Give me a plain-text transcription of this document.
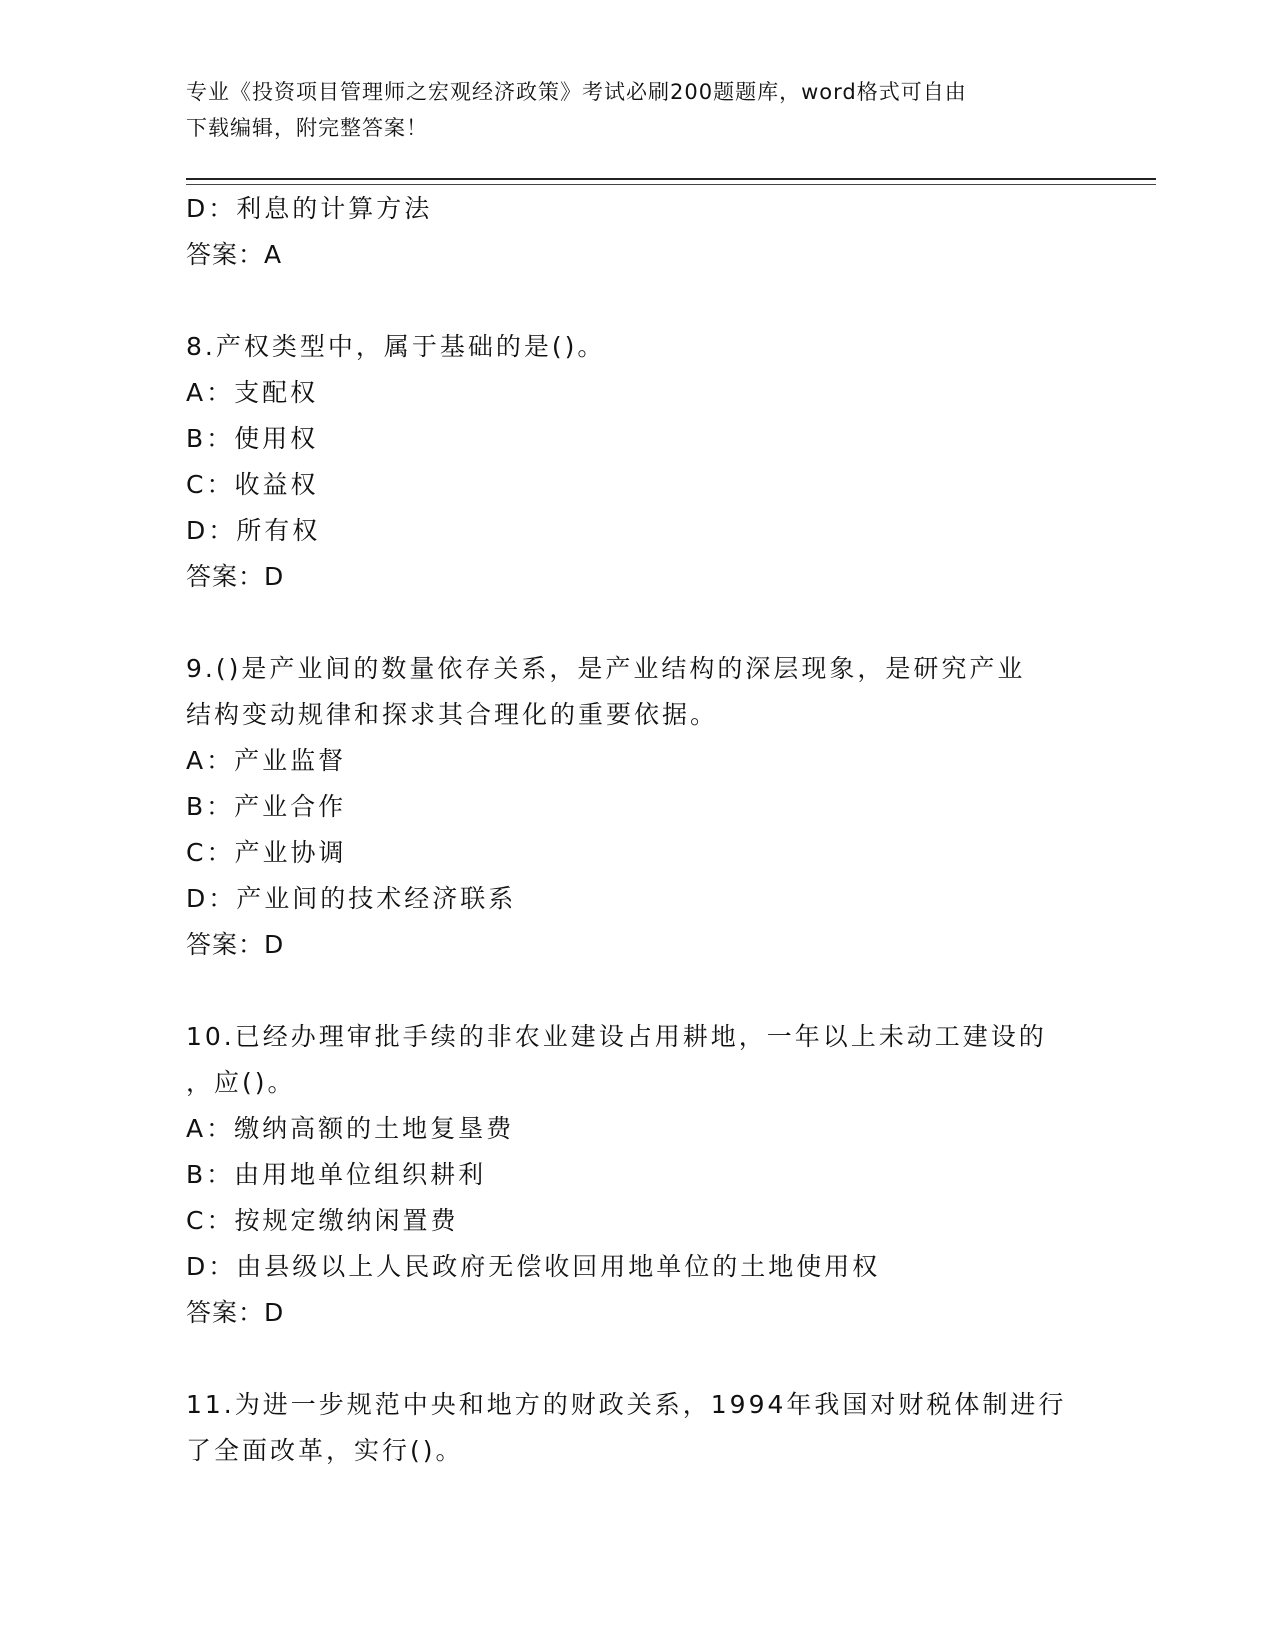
专业《投资项目管理师之宏观经济政策》考试必刷200题题库，word格式可自由
下载编辑，附完整答案！
D：利息的计算方法
答案：A
8.产权类型中，属于基础的是()。
A：支配权
B：使用权
C：收益权
D：所有权
答案：D
9.()是产业间的数量依存关系，是产业结构的深层现象，是研究产业
结构变动规律和探求其合理化的重要依据。
A：产业监督
B：产业合作
C：产业协调
D：产业间的技术经济联系
答案：D
10.已经办理审批手续的非农业建设占用耕地，一年以上未动工建设的
，应()。
A：缴纳高额的土地复垦费
B：由用地单位组织耕利
C：按规定缴纳闲置费
D：由县级以上人民政府无偿收回用地单位的土地使用权
答案：D
11.为进一步规范中央和地方的财政关系，1994年我国对财税体制进行
了全面改革，实行()。
